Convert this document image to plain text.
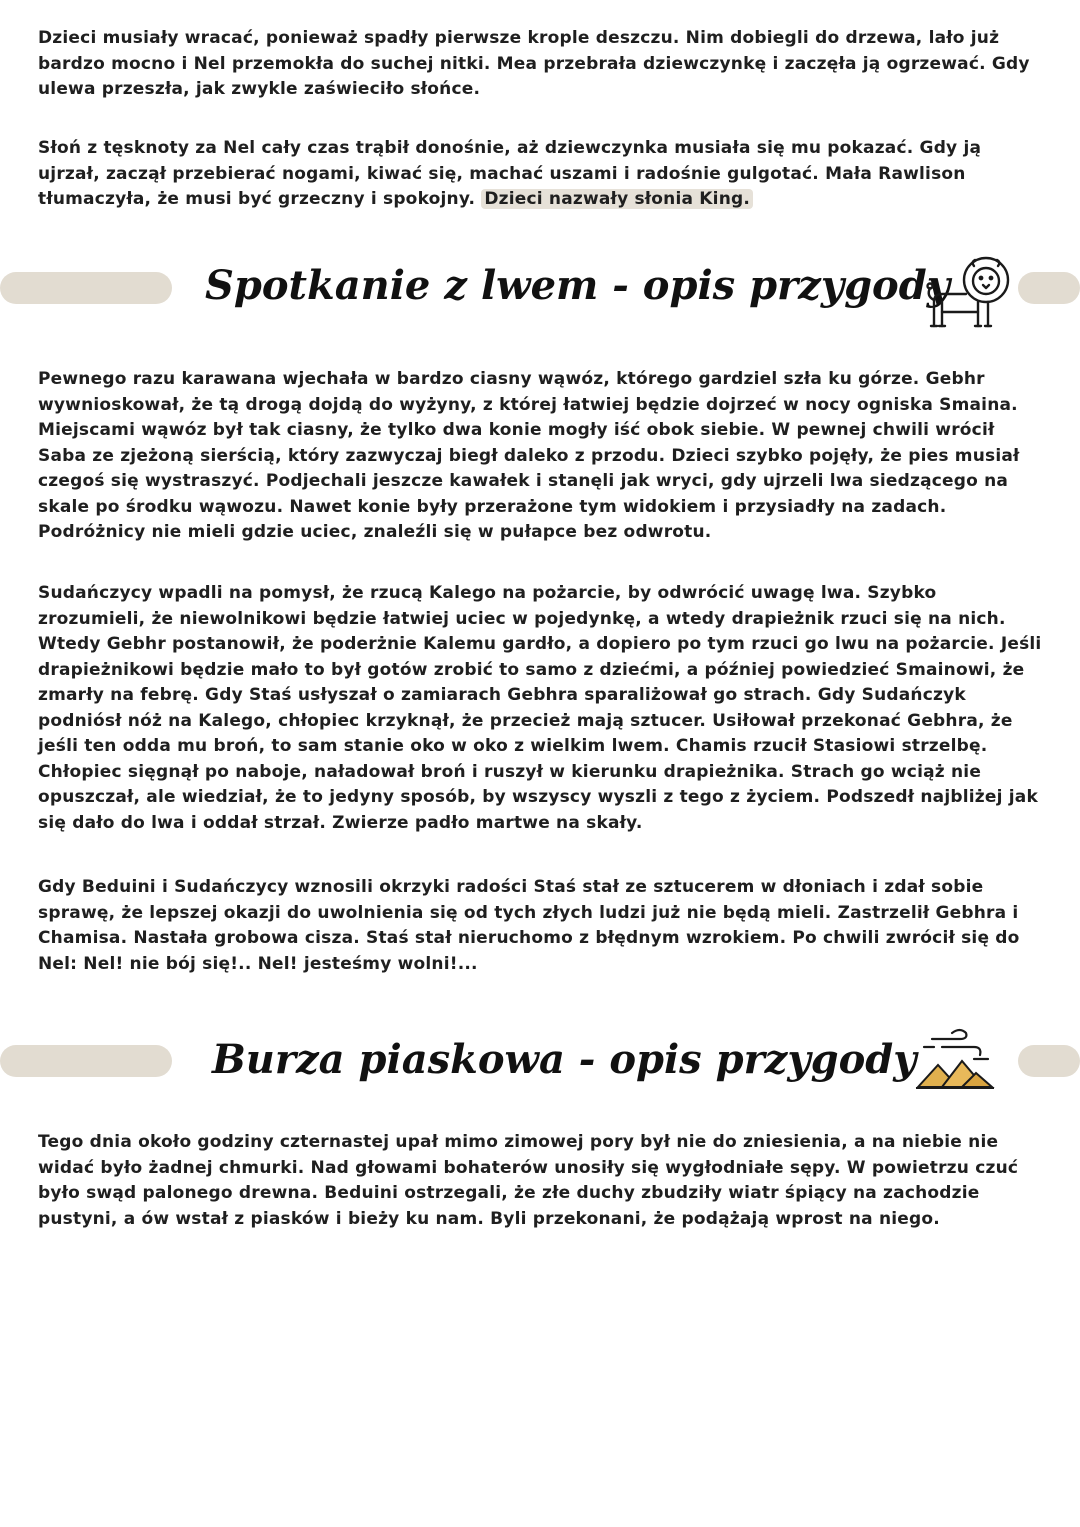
Dzieci musiały wracać, ponieważ spadły pierwsze krople deszczu. Nim dobiegli do drzewa, lało już bardzo mocno i Nel przemokła do suchej nitki. Mea przebrała dziewczynkę i zaczęła ją ogrzewać. Gdy ulewa przeszła, jak zwykle zaświeciło słońce.

Słoń z tęsknoty za Nel cały czas trąbił donośnie, aż dziewczynka musiała się mu pokazać. Gdy ją ujrzał, zaczął przebierać nogami, kiwać się, machać uszami i radośnie gulgotać. Mała Rawlison tłumaczyła, że musi być grzeczny i spokojny. Dzieci nazwały słonia King.

Spotkanie z lwem - opis przygody

Pewnego razu karawana wjechała w bardzo ciasny wąwóz, którego gardziel szła ku górze. Gebhr wywnioskował, że tą drogą dojdą do wyżyny, z której łatwiej będzie dojrzeć w nocy ogniska Smaina. Miejscami wąwóz był tak ciasny, że tylko dwa konie mogły iść obok siebie. W pewnej chwili wrócił Saba ze zjeżoną sierścią, który zazwyczaj biegł daleko z przodu. Dzieci szybko pojęły, że pies musiał czegoś się wystraszyć. Podjechali jeszcze kawałek i stanęli jak wryci, gdy ujrzeli lwa siedzącego na skale po środku wąwozu. Nawet konie były przerażone tym widokiem i przysiadły na zadach. Podróżnicy nie mieli gdzie uciec, znaleźli się w pułapce bez odwrotu.

Sudańczycy wpadli na pomysł, że rzucą Kalego na pożarcie, by odwrócić uwagę lwa. Szybko zrozumieli, że niewolnikowi będzie łatwiej uciec w pojedynkę, a wtedy drapieżnik rzuci się na nich. Wtedy Gebhr postanowił, że poderżnie Kalemu gardło, a dopiero po tym rzuci go lwu na pożarcie. Jeśli drapieżnikowi będzie mało to był gotów zrobić to samo z dziećmi, a później powiedzieć Smainowi, że zmarły na febrę. Gdy Staś usłyszał o zamiarach Gebhra sparaliżował go strach. Gdy Sudańczyk podniósł nóż na Kalego, chłopiec krzyknął, że przecież mają sztucer. Usiłował przekonać Gebhra, że jeśli ten odda mu broń, to sam stanie oko w oko z wielkim lwem. Chamis rzucił Stasiowi strzelbę. Chłopiec sięgnął po naboje, naładował broń i ruszył w kierunku drapieżnika. Strach go wciąż nie opuszczał, ale wiedział, że to jedyny sposób, by wszyscy wyszli z tego z życiem. Podszedł najbliżej jak się dało do lwa i oddał strzał. Zwierze padło martwe na skały.

Gdy Beduini i Sudańczycy wznosili okrzyki radości Staś stał ze sztucerem w dłoniach i zdał sobie sprawę, że lepszej okazji do uwolnienia się od tych złych ludzi już nie będą mieli. Zastrzelił Gebhra i Chamisa. Nastała grobowa cisza. Staś stał nieruchomo z błędnym wzrokiem. Po chwili zwrócił się do Nel: Nel! nie bój się!.. Nel! jesteśmy wolni!...

Burza piaskowa - opis przygody

Tego dnia około godziny czternastej upał mimo zimowej pory był nie do zniesienia, a na niebie nie widać było żadnej chmurki. Nad głowami bohaterów unosiły się wygłodniałe sępy. W powietrzu czuć było swąd palonego drewna. Beduini ostrzegali, że złe duchy zbudziły wiatr śpiący na zachodzie pustyni, a ów wstał z piasków i bieży ku nam. Byli przekonani, że podążają wprost na niego.
